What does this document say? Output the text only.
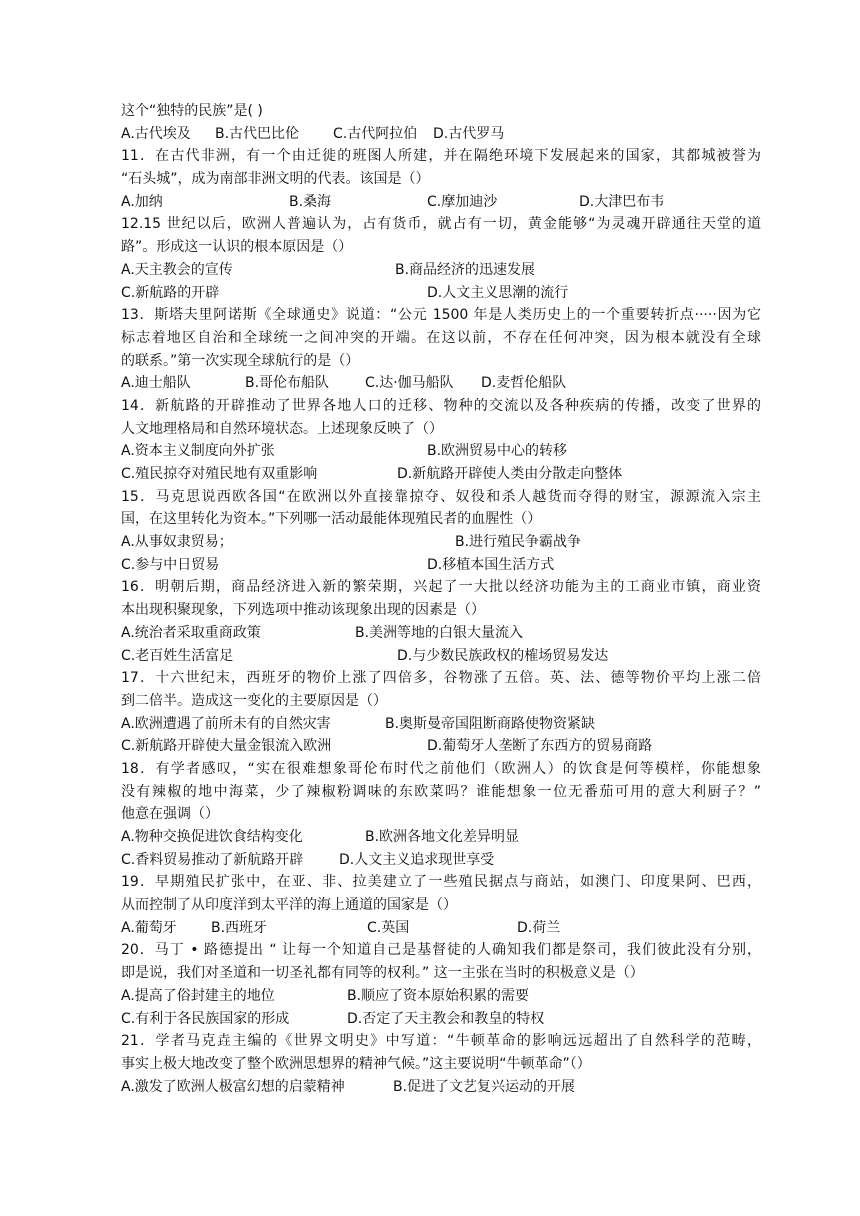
这个“独特的民族”是( )
A.古代埃及 B.古代巴比伦 C.古代阿拉伯 D.古代罗马
11．在古代非洲，有一个由迁徙的班图人所建，并在隔绝环境下发展起来的国家，其都城被誉为
“石头城”，成为南部非洲文明的代表。该国是（）
A.加纳	B.桑海	C.摩加迪沙	D.大津巴布韦
12.15 世纪以后，欧洲人普遍认为，占有货币，就占有一切，黄金能够“为灵魂开辟通往天堂的道
路”。形成这一认识的根本原因是（）
A.天主教会的宣传	B.商品经济的迅速发展
C.新航路的开辟	D.人文主义思潮的流行
13．斯塔夫里阿诺斯《全球通史》说道：“公元 1500 年是人类历史上的一个重要转折点·····因为它
标志着地区自治和全球统一之间冲突的开端。在这以前，不存在任何冲突，因为根本就没有全球
的联系。”第一次实现全球航行的是（）
A.迪士船队	B.哥伦布船队	C.达·伽马船队 D.麦哲伦船队
14．新航路的开辟推动了世界各地人口的迁移、物种的交流以及各种疾病的传播，改变了世界的
人文地理格局和自然环境状态。上述现象反映了（）
A.资本主义制度向外扩张	B.欧洲贸易中心的转移
C.殖民掠夺对殖民地有双重影响	D.新航路开辟使人类由分散走向整体
15．马克思说西欧各国“在欧洲以外直接靠掠夺、奴役和杀人越货而夺得的财宝，源源流入宗主
国，在这里转化为资本。”下列哪一活动最能体现殖民者的血腥性（）
A.从事奴隶贸易；	B.进行殖民争霸战争
C.参与中日贸易	D.移植本国生活方式
16．明朝后期，商品经济进入新的繁荣期，兴起了一大批以经济功能为主的工商业市镇，商业资
本出现积聚现象，下列选项中推动该现象出现的因素是（）
A.统治者采取重商政策	B.美洲等地的白银大量流入
C.老百姓生活富足	D.与少数民族政权的榷场贸易发达
17．十六世纪末，西班牙的物价上涨了四倍多，谷物涨了五倍。英、法、德等物价平均上涨二倍
到二倍半。造成这一变化的主要原因是（）
A.欧洲遭遇了前所未有的自然灾害	B.奥斯曼帝国阻断商路使物资紧缺
C.新航路开辟使大量金银流入欧洲	D.葡萄牙人垄断了东西方的贸易商路
18．有学者感叹，“实在很难想象哥伦布时代之前他们（欧洲人）的饮食是何等模样，你能想象
没有辣椒的地中海菜，少了辣椒粉调味的东欧菜吗？谁能想象一位无番茄可用的意大利厨子？”
他意在强调（）
A.物种交换促进饮食结构变化	B.欧洲各地文化差异明显
C.香料贸易推动了新航路开辟	D.人文主义追求现世享受
19．早期殖民扩张中，在亚、非、拉美建立了一些殖民据点与商站，如澳门、印度果阿、巴西，
从而控制了从印度洋到太平洋的海上通道的国家是（）
A.葡萄牙 B.西班牙	C.英国	D.荷兰
20．马丁 • 路德提出 “ 让每一个知道自己是基督徒的人确知我们都是祭司，我们彼此没有分别，
即是说，我们对圣道和一切圣礼都有同等的权利。” 这一主张在当时的积极意义是（）
A.提高了俗封建主的地位	B.顺应了资本原始积累的需要
C.有利于各民族国家的形成	D.否定了天主教会和教皇的特权
21．学者马克垚主编的《世界文明史》中写道：“牛顿革命的影响远远超出了自然科学的范畴，
事实上极大地改变了整个欧洲思想界的精神气候。”这主要说明“牛顿革命”（）
A.激发了欧洲人极富幻想的启蒙精神	B.促进了文艺复兴运动的开展
